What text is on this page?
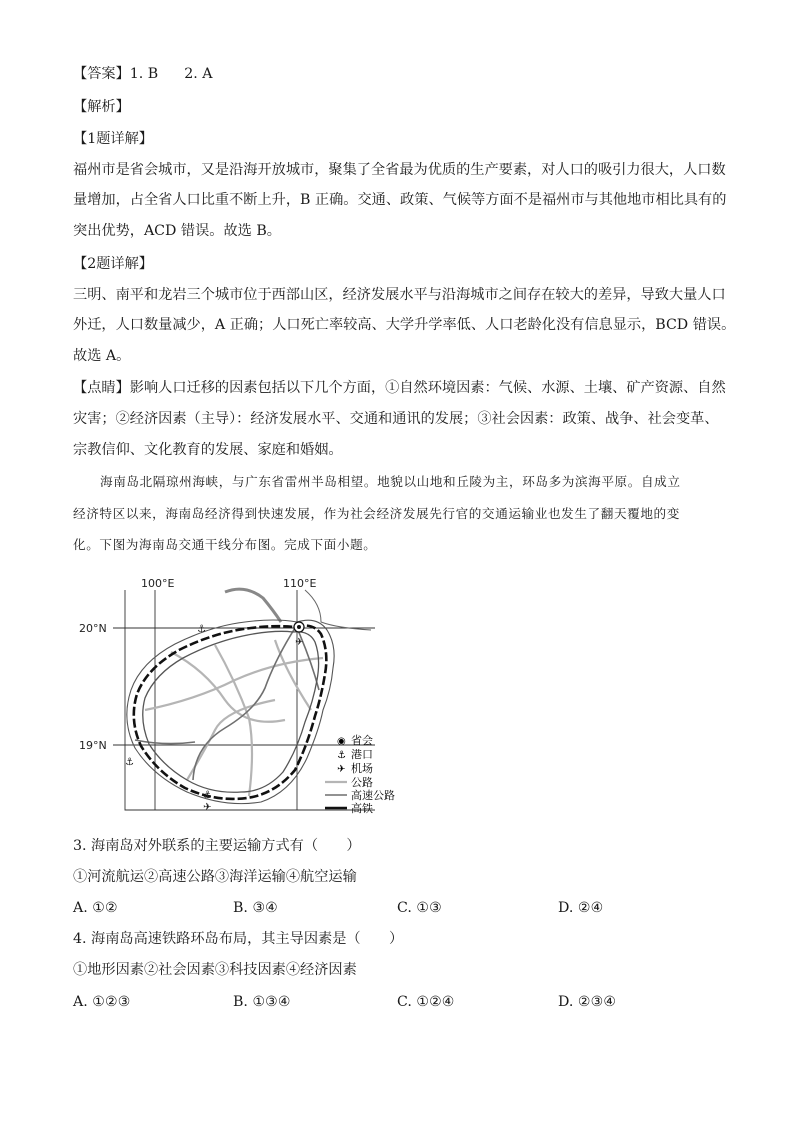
【答案】1. B 2. A
【解析】
【1题详解】
福州市是省会城市，又是沿海开放城市，聚集了全省最为优质的生产要素，对人口的吸引力很大，人口数
量增加，占全省人口比重不断上升，B 正确。交通、政策、气候等方面不是福州市与其他地市相比具有的
突出优势，ACD 错误。故选 B。
【2题详解】
三明、南平和龙岩三个城市位于西部山区，经济发展水平与沿海城市之间存在较大的差异，导致大量人口
外迁，人口数量减少，A 正确；人口死亡率较高、大学升学率低、人口老龄化没有信息显示，BCD 错误。
故选 A。
【点睛】影响人口迁移的因素包括以下几个方面，①自然环境因素：气候、水源、土壤、矿产资源、自然
灾害；②经济因素（主导）：经济发展水平、交通和通讯的发展；③社会因素：政策、战争、社会变革、
宗教信仰、文化教育的发展、家庭和婚姻。
海南岛北隔琼州海峡，与广东省雷州半岛相望。地貌以山地和丘陵为主，环岛多为滨海平原。自成立
经济特区以来，海南岛经济得到快速发展，作为社会经济发展先行官的交通运输业也发生了翻天覆地的变
化。下图为海南岛交通干线分布图。完成下面小题。
100°E	110°E
20°N
19°N
⚓
⚓
⚓
✈
✈
◉ 省会
⚓ 港口
✈ 机场
公路
高速公路
高铁
3. 海南岛对外联系的主要运输方式有（　　）
①河流航运②高速公路③海洋运输④航空运输
A. ①②	B. ③④	C. ①③	D. ②④
4. 海南岛高速铁路环岛布局，其主导因素是（　　）
①地形因素②社会因素③科技因素④经济因素
A. ①②③	B. ①③④	C. ①②④	D. ②③④
